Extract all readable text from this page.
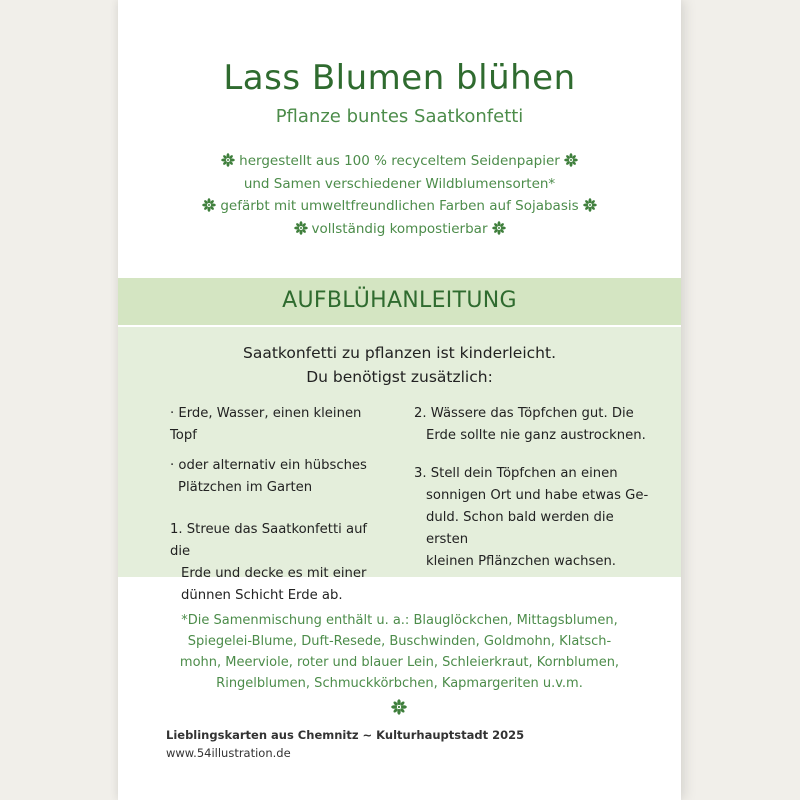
Lass Blumen blühen
Pflanze buntes Saatkonfetti
hergestellt aus 100 % recyceltem Seidenpapier
und Samen verschiedener Wildblumensorten*
gefärbt mit umweltfreundlichen Farben auf Sojabasis
vollständig kompostierbar
AUFBLÜHANLEITUNG
Saatkonfetti zu pflanzen ist kinderleicht.
Du benötigst zusätzlich:

· Erde, Wasser, einen kleinen Topf

· oder alternativ ein hübsches

Plätzchen im Garten

1. Streue das Saatkonfetti auf die

Erde und decke es mit einer

dünnen Schicht Erde ab.

2. Wässere das Töpfchen gut. Die

Erde sollte nie ganz austrocknen.

3. Stell dein Töpfchen an einen

sonnigen Ort und habe etwas Ge-

duld. Schon bald werden die ersten

kleinen Pflänzchen wachsen.

*Die Samenmischung enthält u. a.: Blauglöckchen, Mittagsblumen,
Spiegelei-Blume, Duft-Resede, Buschwinden, Goldmohn, Klatsch-
mohn, Meerviole, roter und blauer Lein, Schleierkraut, Kornblumen,
Ringelblumen, Schmuckkörbchen, Kapmargeriten u.v.m.
Lieblingskarten aus Chemnitz ~ Kulturhauptstadt 2025
www.54illustration.de
